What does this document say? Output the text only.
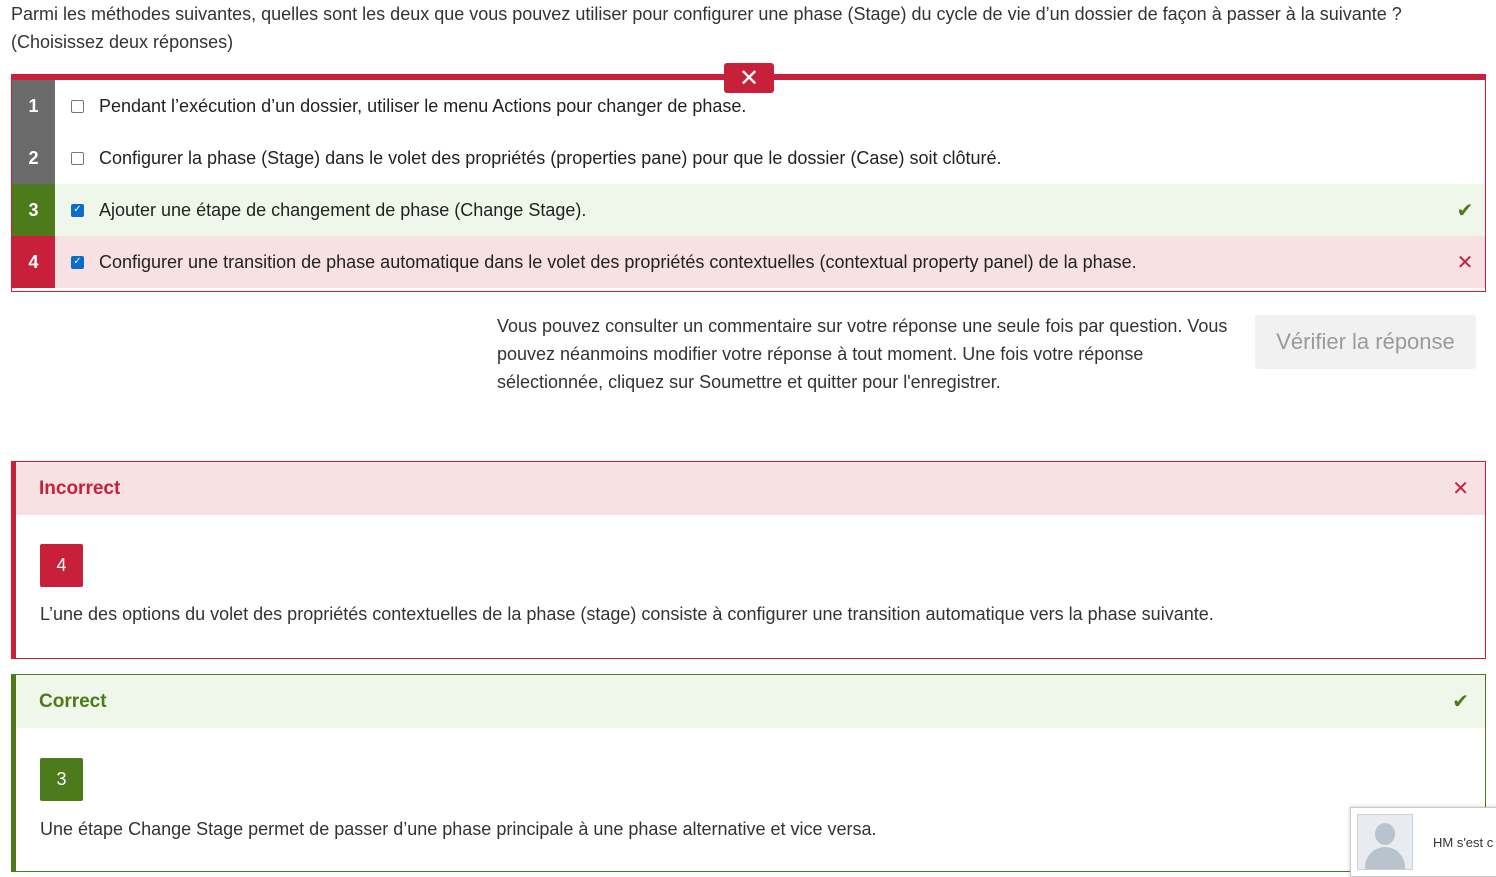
Parmi les méthodes suivantes, quelles sont les deux que vous pouvez utiliser pour configurer une phase (Stage) du cycle de vie d’un dossier de façon à passer à la suivante ? (Choisissez deux réponses)
✕
1	Pendant l’exécution d’un dossier, utiliser le menu Actions pour changer de phase.
2	Configurer la phase (Stage) dans le volet des propriétés (properties pane) pour que le dossier (Case) soit clôturé.
3	✓ Ajouter une étape de changement de phase (Change Stage).	✔
4	✓ Configurer une transition de phase automatique dans le volet des propriétés contextuelles (contextual property panel) de la phase.	✕
Vous pouvez consulter un commentaire sur votre réponse une seule fois par question. Vous pouvez néanmoins modifier votre réponse à tout moment. Une fois votre réponse sélectionnée, cliquez sur Soumettre et quitter pour l'enregistrer.
Vérifier la réponse
Incorrect	✕
4
L’une des options du volet des propriétés contextuelles de la phase (stage) consiste à configurer une transition automatique vers la phase suivante.
Correct	✔
3
Une étape Change Stage permet de passer d’une phase principale à une phase alternative et vice versa.
HM s'est c
